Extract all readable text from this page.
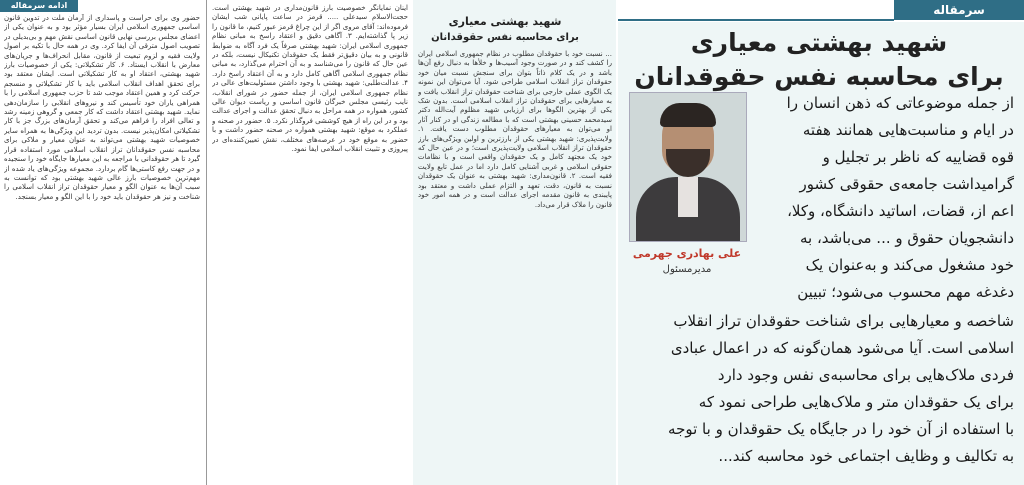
ادامه سرمقاله
حضور وی برای حراست و پاسداری از آرمان ملت در تدوین قانون اساسی جمهوری اسلامی ایران بسیار مؤثر بود و به عنوان یکی از اعضای مجلس بررسی نهایی قانون اساسی نقش مهم و بی‌بدیلی در تصویب اصول مترقی آن ایفا کرد. وی در همه حال با تکیه بر اصول ولایت فقیه و لزوم تبعیت از قانون، مقابل انحراف‌ها و جریان‌های معارض با انقلاب ایستاد. ۶. کار تشکیلاتی: یکی از خصوصیات بارز شهید بهشتی، اعتقاد او به کار تشکیلاتی است. ایشان معتقد بود برای تحقق اهداف انقلاب اسلامی باید با کار تشکیلاتی و منسجم حرکت کرد و همین اعتقاد موجب شد تا حزب جمهوری اسلامی را با همراهی یاران خود تأسیس کند و نیروهای انقلابی را سازمان‌دهی نماید. شهید بهشتی اعتقاد داشت که کار جمعی و گروهی زمینه رشد و تعالی افراد را فراهم می‌کند و تحقق آرمان‌های بزرگ جز با کار تشکیلاتی امکان‌پذیر نیست. بدون تردید این ویژگی‌ها به همراه سایر خصوصیات شهید بهشتی می‌تواند به عنوان معیار و ملاکی برای محاسبه نفس حقوقدانان تراز انقلاب اسلامی مورد استفاده قرار گیرد تا هر حقوقدانی با مراجعه به این معیارها جایگاه خود را سنجیده و در جهت رفع کاستی‌ها گام بردارد. مجموعه ویژگی‌های یاد شده از مهم‌ترین خصوصیات بارز عالی شهید بهشتی بود که توانست به سبب آن‌ها به عنوان الگو و معیار حقوقدان تراز انقلاب اسلامی را شناخت و نیز هر حقوقدان باید خود را با این الگو و معیار بسنجد.
اینان نمایانگر خصوصیت بارز قانون‌مداری در شهید بهشتی است. حجت‌الاسلام سیدعلی ..... قرمز در ساعت پایانی شب ایشان فرموده‌اند: آقای مروی اگر از این چراغ قرمز عبور کنیم، ما قانون را زیر پا گذاشته‌ایم. ۳. آگاهی دقیق و اعتقاد راسخ به مبانی نظام جمهوری اسلامی ایران: شهید بهشتی صرفاً یک فرد آگاه به ضوابط قانونی و به بیان دقیق‌تر فقط یک حقوقدان تکنیکال نیست، بلکه در عین حال که قانون را می‌شناسد و به آن احترام می‌گذارد، به مبانی نظام جمهوری اسلامی آگاهی کامل دارد و به آن اعتقاد راسخ دارد. ۴. عدالت‌طلبی: شهید بهشتی با وجود داشتن مسئولیت‌های عالی در نظام جمهوری اسلامی ایران، از جمله حضور در شورای انقلاب، نایب رئیسی مجلس خبرگان قانون اساسی و ریاست دیوان عالی کشور، همواره در همه مراحل به دنبال تحقق عدالت و اجرای عدالت بود و در این راه از هیچ کوششی فروگذار نکرد. ۵. حضور در صحنه و عملکرد به موقع: شهید بهشتی همواره در صحنه حضور داشت و با حضور به موقع خود در عرصه‌های مختلف، نقش تعیین‌کننده‌ای در پیروزی و تثبیت انقلاب اسلامی ایفا نمود.
شهید بهشتی معیاری
برای محاسبه نفس حقوقدانان
... نسبت خود با حقوقدان مطلوب در نظام جمهوری اسلامی ایران را کشف کند و در صورت وجود آسیب‌ها و خلأها به دنبال رفع آن‌ها باشد و در یک کلام ذاتاً بتوان برای سنجش نسبت میان خود حقوقدان تراز انقلاب اسلامی طراحی شود. آیا می‌توان این نمونه یک الگوی عملی خارجی برای شناخت حقوقدان تراز انقلاب یافت و به معیارهایی برای حقوقدان تراز انقلاب اسلامی است. بدون شک یکی از بهترین الگوها برای ارزیابی شهید مظلوم آیت‌الله دکتر سیدمحمد حسینی بهشتی است که با مطالعه زندگی او در کنار آثار او می‌توان به معیارهای حقوقدان مطلوب دست یافت. ۱. ولایت‌پذیری: شهید بهشتی یکی از بارزترین و اولین ویژگی‌های بارز حقوقدان تراز انقلاب اسلامی ولایت‌پذیری است؛ و در عین حال که خود یک مجتهد کامل و یک حقوقدان واقعی است و با نظامات حقوقی اسلامی و غربی آشنایی کامل دارد اما در عمل تابع ولایت فقیه است. ۲. قانون‌مداری: شهید بهشتی به عنوان یک حقوقدان نسبت به قانون، دقت، تعهد و التزام عملی داشت و معتقد بود پایبندی به قانون مقدمه اجرای عدالت است و در همه امور خود قانون را ملاک قرار می‌داد.
سرمقاله
شهید بهشتی معیاری
برای محاسبه نفس حقوقدانان
علی بهادری جهرمی
مدیرمسئول
از جمله موضوعاتی که ذهن انسان را
در ایام و مناسبت‌هایی همانند هفته
قوه قضاییه که ناظر بر تجلیل و
گرامیداشت جامعه‌ی حقوقی کشور
اعم از، قضات، اساتید دانشگاه، وکلا،
دانشجویان حقوق و ... می‌باشد، به
خود مشغول می‌کند و به‌عنوان یک
دغدغه مهم محسوب می‌شود؛ تبیین
شاخصه و معیارهایی برای شناخت حقوقدان تراز انقلاب
اسلامی است. آیا می‌شود همان‌گونه که در اعمال عبادی
فردی ملاک‌هایی برای محاسبه‌ی نفس وجود دارد
برای یک حقوقدان متر و ملاک‌هایی طراحی نمود که
با استفاده از آن خود را در جایگاه یک حقوقدان و با توجه
به تکالیف و وظایف اجتماعی خود محاسبه کند...
